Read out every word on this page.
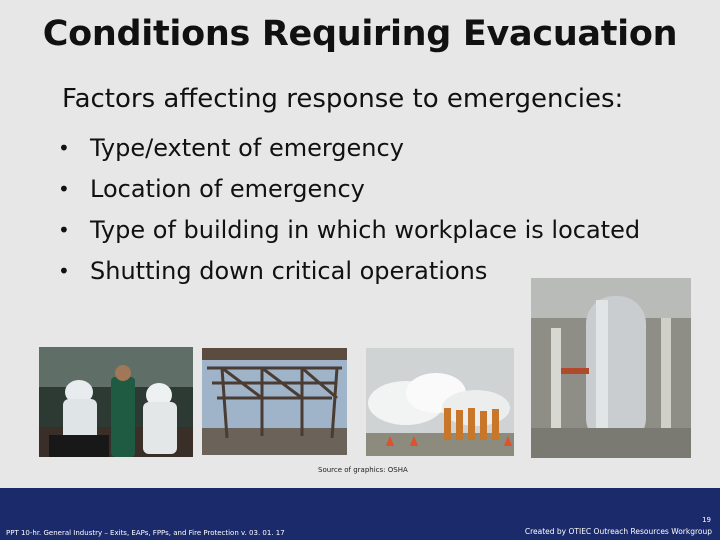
Conditions Requiring Evacuation
Factors affecting response to emergencies:
• Type/extent of emergency
• Location of emergency
• Type of building in which workplace is located
• Shutting down critical operations
Source of graphics: OSHA
PPT 10-hr. General Industry – Exits, EAPs, FPPs, and Fire Protection v. 03. 01. 17
19
Created by OTIEC Outreach Resources Workgroup
